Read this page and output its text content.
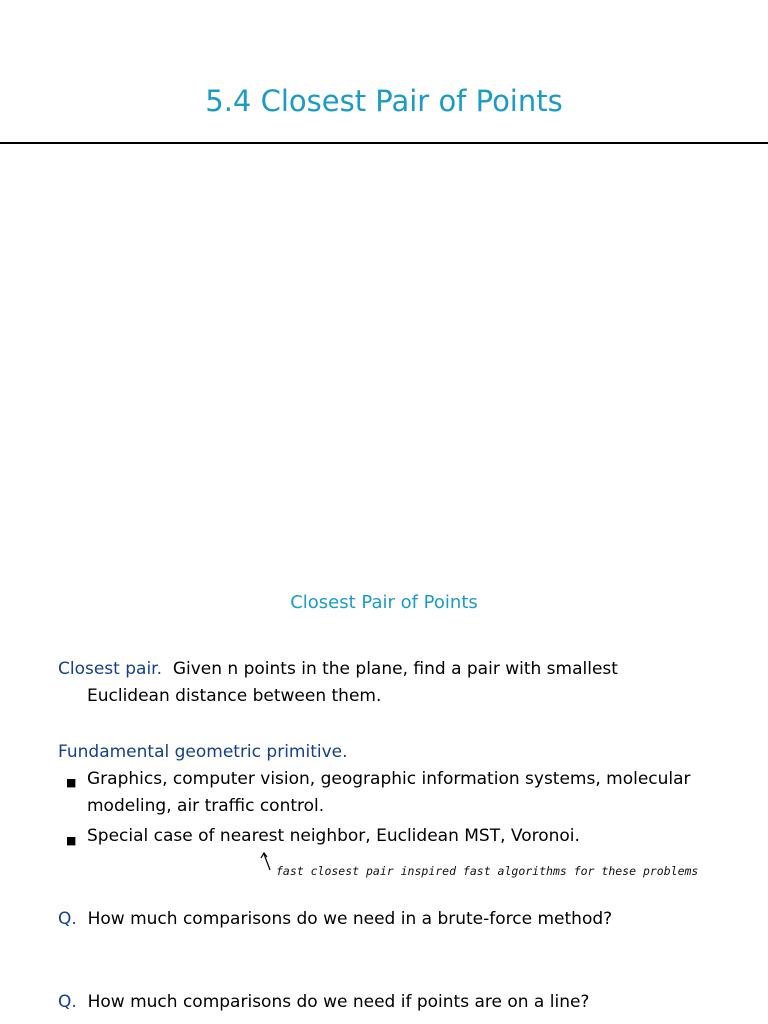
5.4 Closest Pair of Points
Closest Pair of Points
Closest pair. Given n points in the plane, find a pair with smallest
Euclidean distance between them.
Fundamental geometric primitive.
■ Graphics, computer vision, geographic information systems, molecular
modeling, air traffic control.
■ Special case of nearest neighbor, Euclidean MST, Voronoi.
fast closest pair inspired fast algorithms for these problems
Q. How much comparisons do we need in a brute-force method?
Q. How much comparisons do we need if points are on a line?
